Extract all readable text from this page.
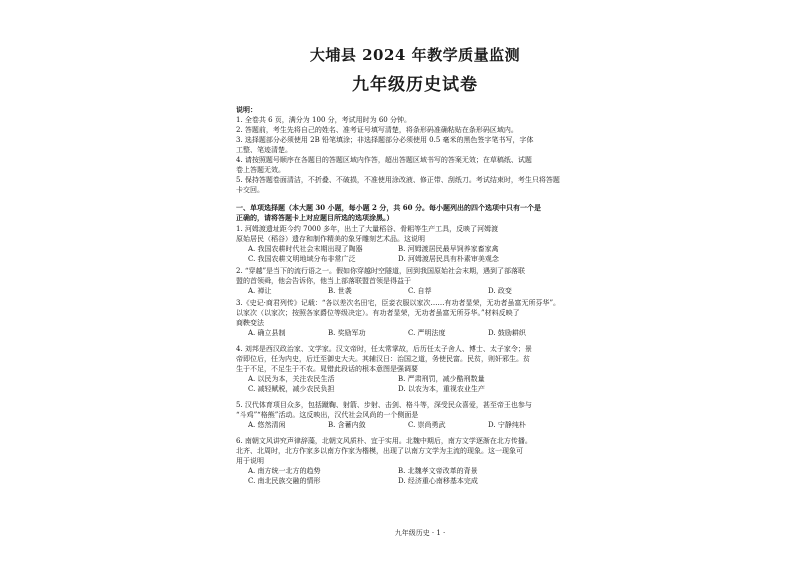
大埔县 2024 年教学质量监测
九年级历史试卷
说明：
1. 全卷共 6 页，满分为 100 分，考试用时为 60 分钟。
2. 答题前，考生先将自己的姓名、准考证号填写清楚，将条形码准确粘贴在条形码区域内。
3. 选择题部分必须使用 2B 铅笔填涂；非选择题部分必须使用 0.5 毫米的黑色签字笔书写，字体
工整、笔迹清楚。
4. 请按照题号顺序在各题目的答题区域内作答，超出答题区域书写的答案无效；在草稿纸、试题
卷上答题无效。
5. 保持答题卷面清洁，不折叠、不破损，不准使用涂改液、修正带、刮纸刀。考试结束时，考生只将答题
卡交回。
一、单项选择题（本大题 30 小题，每小题 2 分，共 60 分。每小题列出的四个选项中只有一个是
正确的，请将答题卡上对应题目所选的选项涂黑。）
1. 河姆渡遗址距今约 7000 多年，出土了大量稻谷、骨耜等生产工具，反映了河姆渡
原始居民（稻谷）遗存和制作精美的象牙雕刻艺术品。这说明
A. 我国农耕时代社会末期出现了陶器	B. 河姆渡居民最早饲养家畜家禽
C. 我国农耕文明地域分布非常广泛	D. 河姆渡居民具有朴素审美观念
2. “穿越”是当下的流行语之一。假如你穿越时空隧道，回到我国原始社会末期，遇到了部落联
盟的首领舜，他会告诉你，他当上部落联盟首领是得益于
A. 禅让	B. 世袭	C. 自荐	D. 政变
3.《史记·商君列传》记载：“各以差次名田宅，臣妾衣服以家次……有功者显荣，无功者虽富无所芬华”。
以家次（以家次；按照各家爵位等级决定）。有功者显荣，无功者虽富无所芬华。”材料反映了
商鞅变法
A. 确立县制	B. 奖励军功	C. 严明法度	D. 鼓励耕织
4. 刘邦是西汉政治家、文学家。汉文帝时，任太常掌故，后历任太子舍人、博士、太子家令；景
帝即位后，任为内史，后迁至御史大夫。其辅汉日：治国之道，务使民富。民贫，则奸邪生。贫
生于不足，不足生于不农。晁错此段话的根本意图是强调要
A. 以民为本，关注农民生活	B. 严肃刑罚，减少酷刑数量
C. 减轻赋税，减少农民负担	D. 以农为本，重视农业生产
5. 汉代体育项目众多，包括蹴鞠、射箭、步射、击剑、格斗等，深受民众喜爱，甚至帝王也参与
“斗鸡”“格熊”活动。这反映出，汉代社会风尚的一个侧面是
A. 悠然清闲	B. 含蓄内敛	C. 崇尚勇武	D. 宁静纯朴
6. 南朝文风讲究声律辞藻，北朝文风质朴、宜于实用。北魏中期后，南方文学逐渐在北方传播。
北齐、北周时，北方作家多以南方作家为楷模，出现了以南方文学为主流的现象。这一现象可
用于说明
A. 南方统一北方的趋势	B. 北魏孝文帝改革的背景
C. 南北民族交融的情形	D. 经济重心南移基本完成
九年级历史 · 1 ·
